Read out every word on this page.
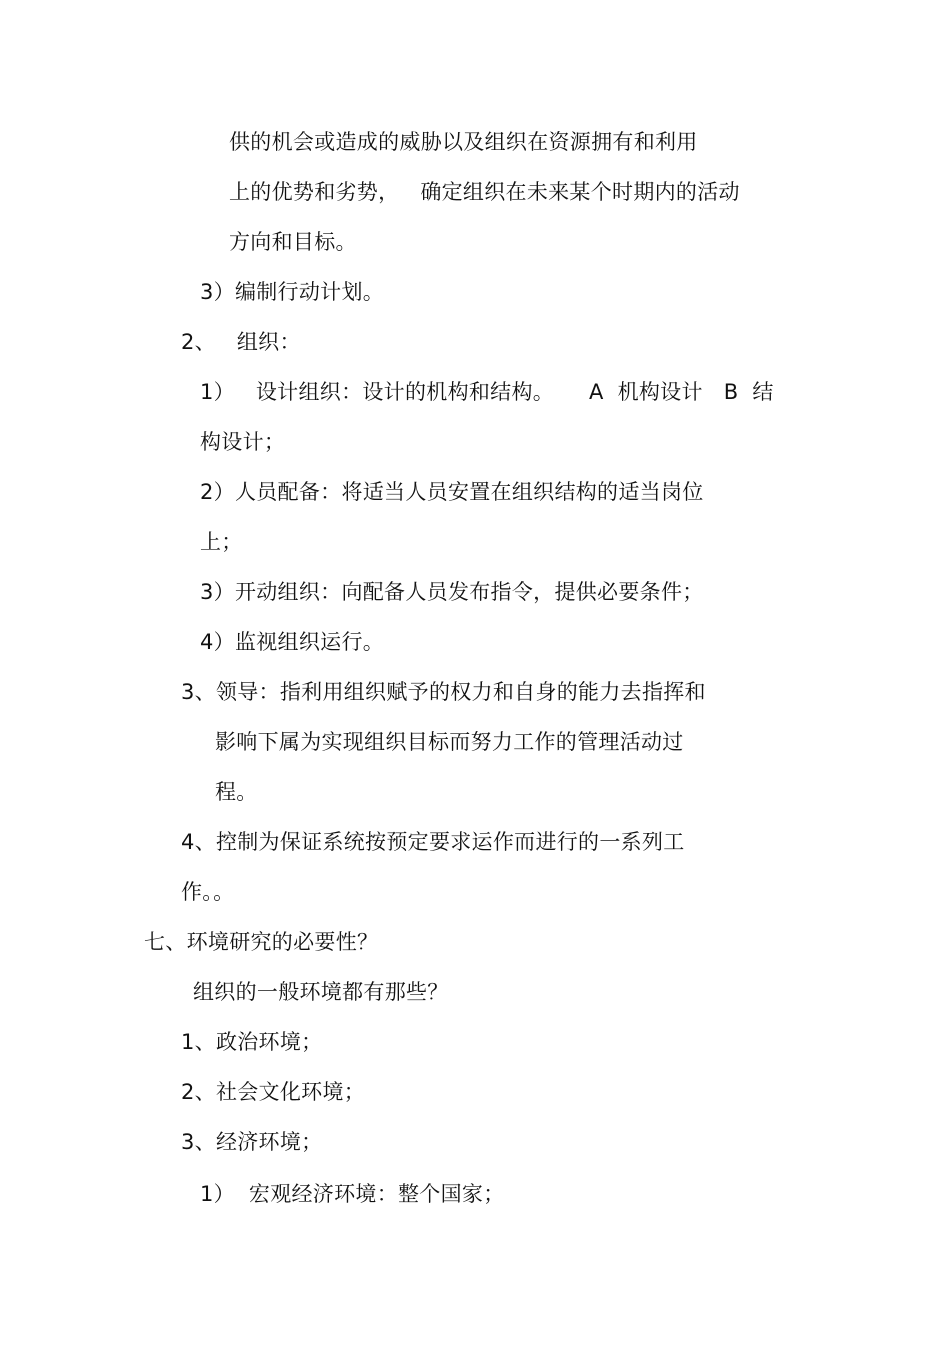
供的机会或造成的威胁以及组织在资源拥有和利用
上的优势和劣势，   确定组织在未来某个时期内的活动
方向和目标。
3）编制行动计划。
2、   组织：
1）   设计组织：设计的机构和结构。     A  机构设计   B  结
构设计；
2）人员配备：将适当人员安置在组织结构的适当岗位
上；
3）开动组织：向配备人员发布指令，提供必要条件；
4）监视组织运行。
3、领导：指利用组织赋予的权力和自身的能力去指挥和
影响下属为实现组织目标而努力工作的管理活动过
程。
4、控制为保证系统按预定要求运作而进行的一系列工
作。。
七、环境研究的必要性？
组织的一般环境都有那些？
1、政治环境；
2、社会文化环境；
3、经济环境；
1）  宏观经济环境：整个国家；
